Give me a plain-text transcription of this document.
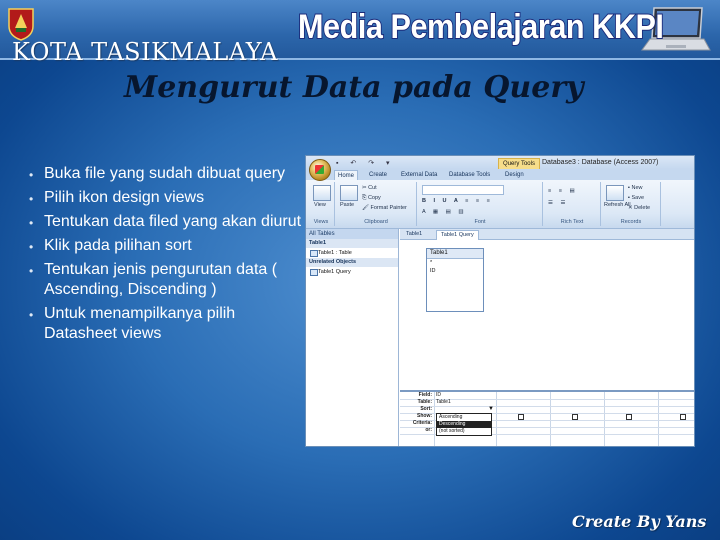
Media Pembelajaran KKPI
KOTA TASIKMALAYA
Mengurut Data pada Query
• Buka file yang sudah dibuat query
• Pilih ikon design views
• Tentukan data filed yang akan diurut
• Klik pada pilihan sort
• Tentukan jenis pengurutan data ( Ascending, Discending )
• Untuk menampilkanya pilih Datasheet views
▪ ↶ ↷ ▾	Query Tools	Database3 : Database (Access 2007)
Home	Create	External Data	Database Tools	Design
View
Views
Paste
✂ Cut
⎘ Copy
🖌 Format Painter
Clipboard
B I U A ≡ ≡ ≡
A ▦ ▤ ▥
Font
≡ ≡ ▤
☰ ☰
Rich Text
Refresh All
▪ New
▪ Save
✕ Delete
Records
All Tables
Table1
Table1 : Table
Unrelated Objects
Table1 Query
Table1	Table1 Query
Table1
*
ID
Field: ID
Table: Table1
Sort:	▼
Show:
Criteria:
or:
Ascending
Descending
(not sorted)
Create By Yans
